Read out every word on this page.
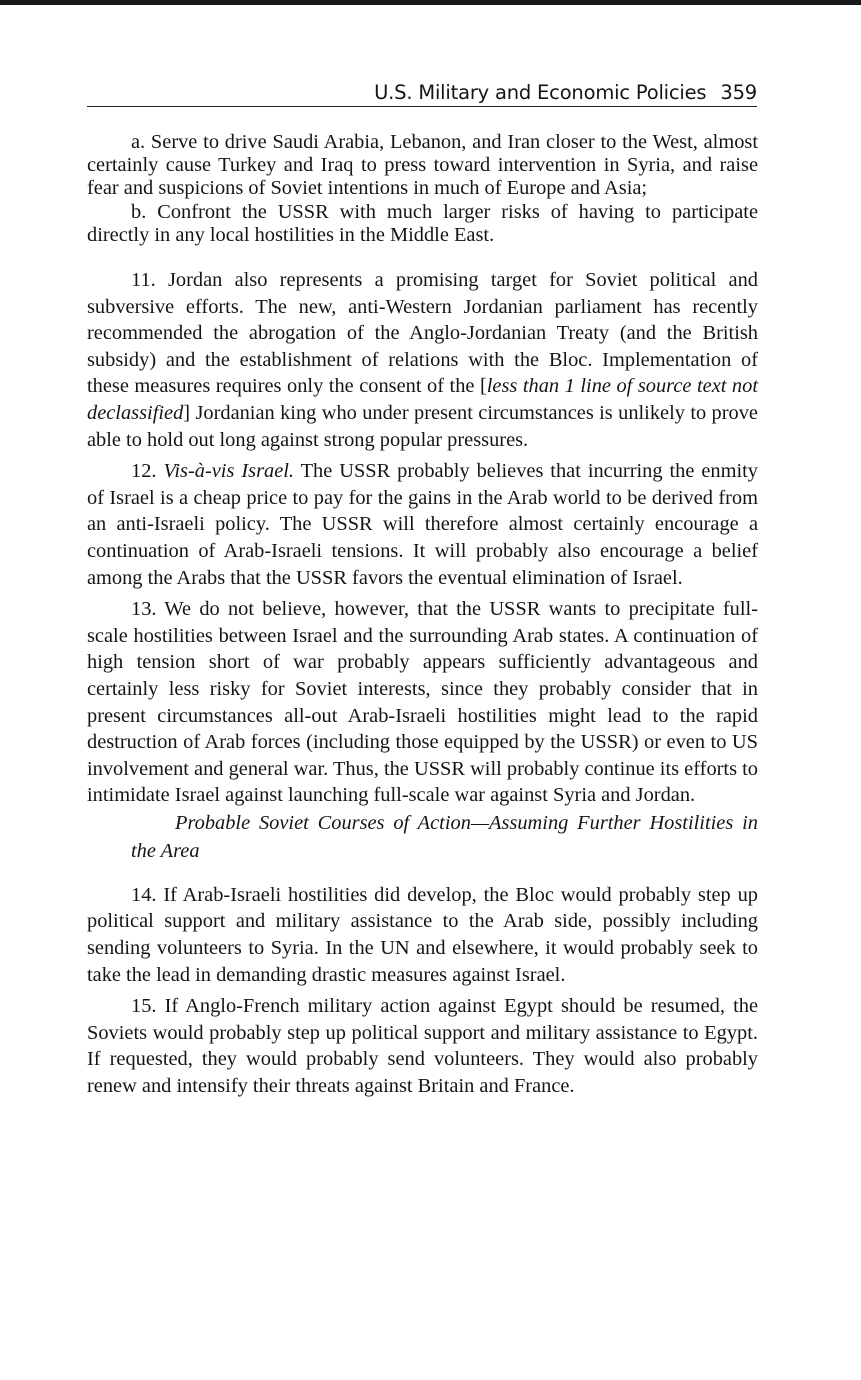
U.S. Military and Economic Policies 359

a. Serve to drive Saudi Arabia, Lebanon, and Iran closer to the West, almost certainly cause Turkey and Iraq to press toward intervention in Syria, and raise fear and suspicions of Soviet intentions in much of Europe and Asia;

b. Confront the USSR with much larger risks of having to participate directly in any local hostilities in the Middle East.

11. Jordan also represents a promising target for Soviet political and subversive efforts. The new, anti-Western Jordanian parliament has recently recommended the abrogation of the Anglo-Jordanian Treaty (and the British subsidy) and the establishment of relations with the Bloc. Implementation of these measures requires only the consent of the [less than 1 line of source text not declassified] Jordanian king who under present circumstances is unlikely to prove able to hold out long against strong popular pressures.

12. Vis-à-vis Israel. The USSR probably believes that incurring the enmity of Israel is a cheap price to pay for the gains in the Arab world to be derived from an anti-Israeli policy. The USSR will therefore almost certainly encourage a continuation of Arab-Israeli tensions. It will probably also encourage a belief among the Arabs that the USSR favors the eventual elimination of Israel.

13. We do not believe, however, that the USSR wants to precipitate full-scale hostilities between Israel and the surrounding Arab states. A continuation of high tension short of war probably appears sufficiently advantageous and certainly less risky for Soviet interests, since they probably consider that in present circumstances all-out Arab-Israeli hostilities might lead to the rapid destruction of Arab forces (including those equipped by the USSR) or even to US involvement and general war. Thus, the USSR will probably continue its efforts to intimidate Israel against launching full-scale war against Syria and Jordan.

Probable Soviet Courses of Action—Assuming Further Hostilities in the Area

14. If Arab-Israeli hostilities did develop, the Bloc would probably step up political support and military assistance to the Arab side, possibly including sending volunteers to Syria. In the UN and elsewhere, it would probably seek to take the lead in demanding drastic measures against Israel.

15. If Anglo-French military action against Egypt should be resumed, the Soviets would probably step up political support and military assistance to Egypt. If requested, they would probably send volunteers. They would also probably renew and intensify their threats against Britain and France.
